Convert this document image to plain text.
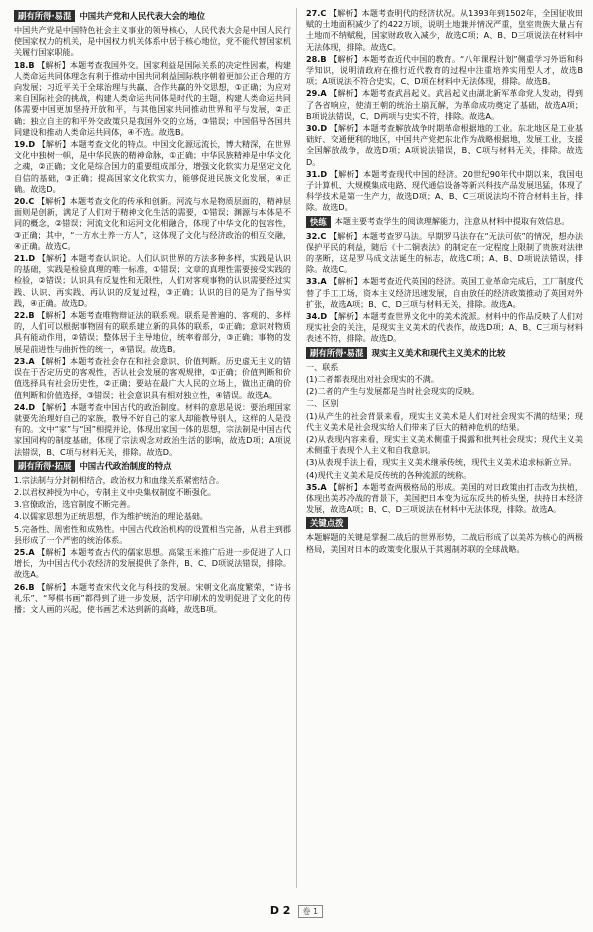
刷有所得·易混 中国共产党和人民代表大会的地位

中国共产党是中国特色社会主义事业的领导核心，人民代表大会是中国人民行使国家权力的机关，是中国权力机关体系中居于核心地位，党不能代替国家机关履行国家职能。

18.B 【解析】本题考查我国外交。国家利益是国际关系的决定性因素，构建人类命运共同体理念有利于推动中国共同利益国际秩序朝着更加公正合理的方向发展；习近平关于全球治理与共赢、合作共赢的外交思想，①正确；为应对来自国际社会的挑战，构建人类命运共同体是时代的主题，构建人类命运共同体需要中国更加坚持开放和平，与其他国家共同推动世界和平与发展，②正确；独立自主的和平外交政策只是我国外交的立场，③错误；中国倡导各国共同建设和推动人类命运共同体，④不选。故选B。

19.D 【解析】本题考查文化的特点。中国文化源远流长，博大精深，在世界文化中独树一帜，是中华民族的精神命脉，①正确；中华民族精神是中华文化之魂，②正确；文化是综合国力的重要组成部分，增强文化软实力是坚定文化自信的基础，③正确；提高国家文化软实力，能够促进民族文化发展，④正确。故选D。

20.C 【解析】本题考查文化的传承和创新。河流与水是物质层面的，精神层面则是创新，满足了人们对于精神文化生活的需要，①错误；渊源与本体是不同的概念，②错误；河流文化和运河文化相融合，体现了中华文化的包容性，③正确；其中，“一方水土养一方人”，这体现了文化与经济政治的相互交融，④正确。故选C。

21.D 【解析】本题考查认识论。人们认识世界的方法多种多样，实践是认识的基础，实践是检验真理的唯一标准，①错误；文章的真理性需要接受实践的检验，②错误；认识具有反复性和无限性，人们对客观事物的认识需要经过实践、认识、再实践、再认识的反复过程，③正确；认识的目的是为了指导实践，④正确。故选D。

22.B 【解析】本题考查唯物辩证法的联系观。联系是普遍的、客观的、多样的，人们可以根据事物固有的联系建立新的具体的联系，①正确；意识对物质具有能动作用，②错误；整体居于主导地位，统率着部分，③正确；事物的发展是前进性与曲折性的统一，④错误。故选B。

23.A 【解析】本题考查社会存在和社会意识、价值判断。历史虚无主义的错误在于否定历史的客观性，否认社会发展的客观规律，①正确；价值判断和价值选择具有社会历史性，②正确；要站在最广大人民的立场上，做出正确的价值判断和价值选择，③错误；社会意识具有相对独立性，④错误。故选A。

24.D 【解析】本题考查中国古代的政治制度。材料的意思是说：要治理国家就要先治理好自己的家族，教导不好自己的家人却能教导别人，这样的人是没有的。文中“家”与“国”相提并论，体现出家国一体的思想，宗法制是中国古代家国同构的制度基础，体现了宗法观念对政治生活的影响，故选D项；A项说法错误，B、C项与材料无关，排除。故选D。

刷有所得·拓展 中国古代政治制度的特点

1.宗法制与分封制相结合，政治权力和血缘关系紧密结合。

2.以君权神授为中心，专制主义中央集权制度不断强化。

3.官僚政治，选官制度不断完善。

4.以儒家思想为正统思想，作为维护统治的理论基础。

5.完备性、周密性和成熟性。中国古代政治机构的设置相当完备，从君主到郡县形成了一个严密的统治体系。

25.A 【解析】本题考查古代的儒家思想。高粱玉米推广后进一步促进了人口增长，为中国古代小农经济的发展提供了条件，B、C、D项说法错误，排除。故选A。

26.B 【解析】本题考查宋代文化与科技的发展。宋朝文化高度繁荣，“诗书礼乐”、“琴棋书画”都得到了进一步发展，活字印刷术的发明促进了文化的传播；文人画的兴起，使书画艺术达到新的高峰，故选B项。

27.C 【解析】本题考查明代的经济状况。从1393年到1502年，全国征收田赋的土地面积减少了约422万顷，说明土地兼并情况严重，皇室贵族大量占有土地而不纳赋税，国家财政收入减少，故选C项；A、B、D三项说法在材料中无法体现，排除。故选C。

28.B 【解析】本题考查近代中国的教育。“八年课程计划”侧重学习外语和科学知识，说明清政府在推行近代教育的过程中注重培养实用型人才，故选B项；A项说法不符合史实，C、D项在材料中无法体现，排除。故选B。

29.A 【解析】本题考查武昌起义。武昌起义由湖北新军革命党人发动，得到了各省响应，使清王朝的统治土崩瓦解，为革命成功奠定了基础，故选A项；B项说法错误，C、D两项与史实不符，排除。故选A。

30.D 【解析】本题考查解放战争时期革命根据地的工业。东北地区是工业基础好、交通便利的地区，中国共产党把东北作为战略根据地，发展工业，支援全国解放战争，故选D项；A项说法错误，B、C项与材料无关，排除。故选D。

31.D 【解析】本题考查现代中国的经济。20世纪90年代中期以来，我国电子计算机、大规模集成电路、现代通信设备等新兴科技产品发展迅猛，体现了科学技术是第一生产力，故选D项；A、B、C三项说法均不符合材料主旨，排除。故选D。

快练 本题主要考查学生的阅读理解能力，注意从材料中提取有效信息。

32.C 【解析】本题考查罗马法。早期罗马法存在“无法可依”的情况，想办法保护平民的利益，随后《十二铜表法》的制定在一定程度上限制了贵族对法律的垄断，这是罗马成文法诞生的标志，故选C项；A、B、D项说法错误，排除。故选C。

33.A 【解析】本题考查近代英国的经济。英国工业革命完成后，工厂制度代替了手工工场，资本主义经济迅速发展，自由放任的经济政策推动了英国对外扩张，故选A项；B、C、D三项与材料无关，排除。故选A。

34.D 【解析】本题考查世界文化中的美术流派。材料中的作品反映了人们对现实社会的关注，是现实主义美术的代表作，故选D项；A、B、C三项与材料表述不符，排除。故选D。

刷有所得·易混 现实主义美术和现代主义美术的比较

一、联系

(1)二者都表现出对社会现实的不满。

(2)二者的产生与发展都是当时社会现实的反映。

二、区别

(1)从产生的社会背景来看，现实主义美术是人们对社会现实不满的结果；现代主义美术是社会现实给人们带来了巨大的精神危机的结果。

(2)从表现内容来看，现实主义美术侧重于揭露和批判社会现实；现代主义美术侧重于表现个人主义和自我意识。

(3)从表现手法上看，现实主义美术继承传统，现代主义美术追求标新立异。

(4)现代主义美术是反传统的各种流派的统称。

35.A 【解析】本题考查两极格局的形成。美国的对日政策由打击改为扶植，体现出美苏冷战的背景下，美国把日本变为远东反共的桥头堡，扶持日本经济发展，故选A项；B、C、D三项说法在材料中无法体现，排除。故选A。

关键点拨

本题解题的关键是掌握二战后的世界形势，二战后形成了以美苏为核心的两极格局，美国对日本的政策变化服从于其遏制苏联的全球战略。

D 2 卷 1
